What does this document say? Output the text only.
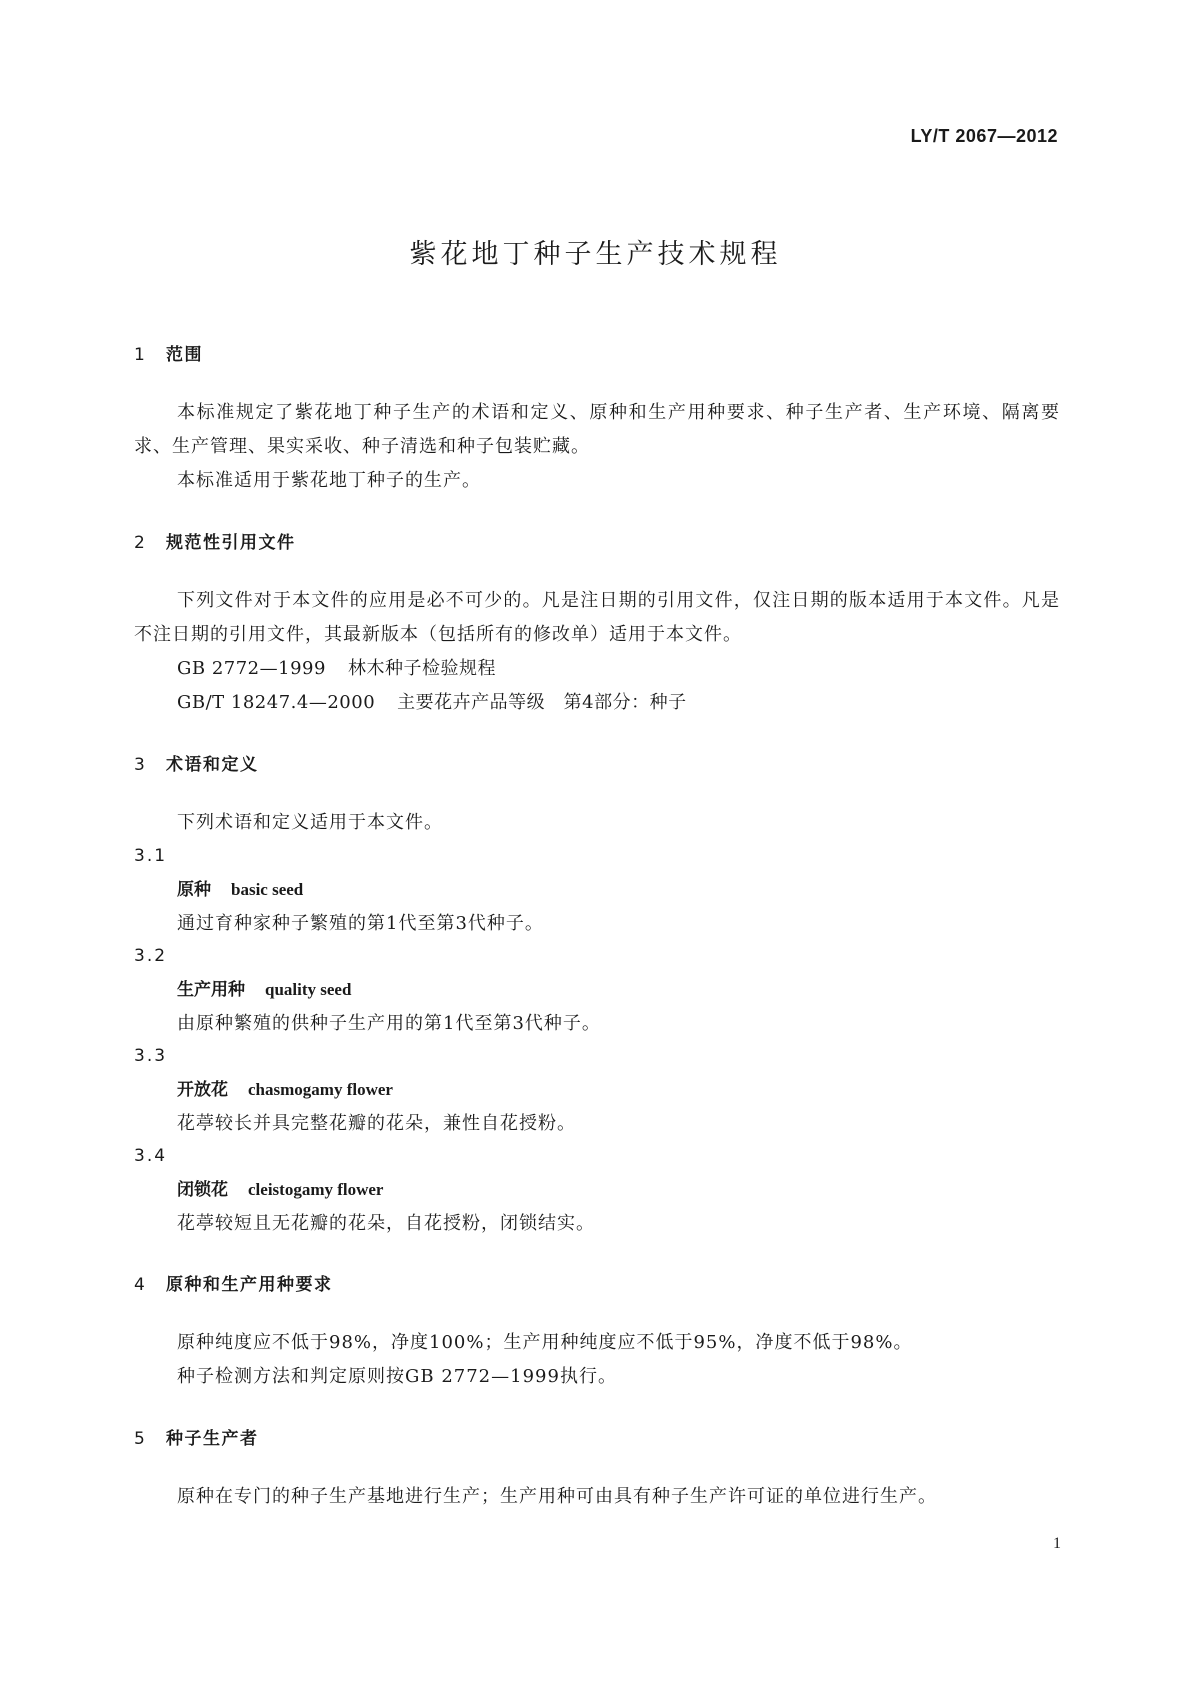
LY/T 2067—2012
紫花地丁种子生产技术规程
1 范围
本标准规定了紫花地丁种子生产的术语和定义、原种和生产用种要求、种子生产者、生产环境、隔离要求、生产管理、果实采收、种子清选和种子包装贮藏。
本标准适用于紫花地丁种子的生产。
2 规范性引用文件
下列文件对于本文件的应用是必不可少的。凡是注日期的引用文件，仅注日期的版本适用于本文件。凡是不注日期的引用文件，其最新版本（包括所有的修改单）适用于本文件。
GB 2772—1999 林木种子检验规程
GB/T 18247.4—2000 主要花卉产品等级　第4部分：种子
3 术语和定义
下列术语和定义适用于本文件。
3.1
原种 basic seed
通过育种家种子繁殖的第1代至第3代种子。
3.2
生产用种 quality seed
由原种繁殖的供种子生产用的第1代至第3代种子。
3.3
开放花 chasmogamy flower
花葶较长并具完整花瓣的花朵，兼性自花授粉。
3.4
闭锁花 cleistogamy flower
花葶较短且无花瓣的花朵，自花授粉，闭锁结实。
4 原种和生产用种要求
原种纯度应不低于98%，净度100%；生产用种纯度应不低于95%，净度不低于98%。
种子检测方法和判定原则按GB 2772—1999执行。
5 种子生产者
原种在专门的种子生产基地进行生产；生产用种可由具有种子生产许可证的单位进行生产。
1
